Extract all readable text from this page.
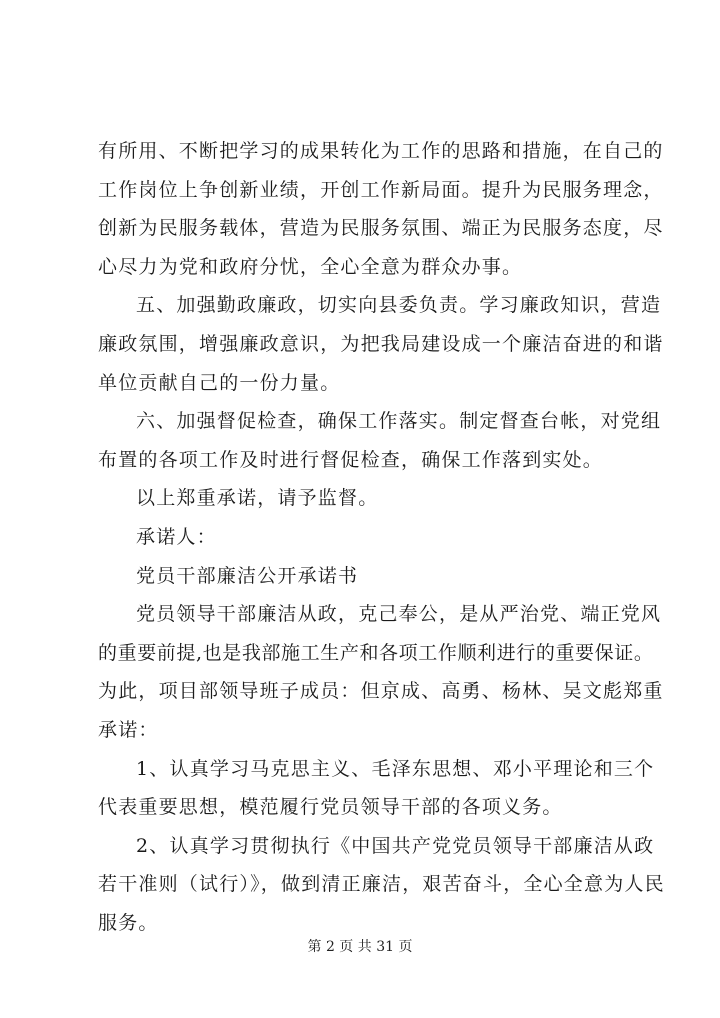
有所用、不断把学习的成果转化为工作的思路和措施，在自己的
工作岗位上争创新业绩，开创工作新局面。提升为民服务理念，
创新为民服务载体，营造为民服务氛围、端正为民服务态度，尽
心尽力为党和政府分忧，全心全意为群众办事。
五、加强勤政廉政，切实向县委负责。学习廉政知识，营造
廉政氛围，增强廉政意识，为把我局建设成一个廉洁奋进的和谐
单位贡献自己的一份力量。
六、加强督促检查，确保工作落实。制定督查台帐，对党组
布置的各项工作及时进行督促检查，确保工作落到实处。
以上郑重承诺，请予监督。
承诺人：
党员干部廉洁公开承诺书
党员领导干部廉洁从政，克己奉公，是从严治党、端正党风
的重要前提,也是我部施工生产和各项工作顺利进行的重要保证。
为此，项目部领导班子成员：但京成、高勇、杨林、吴文彪郑重
承诺：
1、认真学习马克思主义、毛泽东思想、邓小平理论和三个
代表重要思想，模范履行党员领导干部的各项义务。
2、认真学习贯彻执行《中国共产党党员领导干部廉洁从政
若干准则（试行）》，做到清正廉洁，艰苦奋斗，全心全意为人民
服务。
第 2 页 共 31 页
